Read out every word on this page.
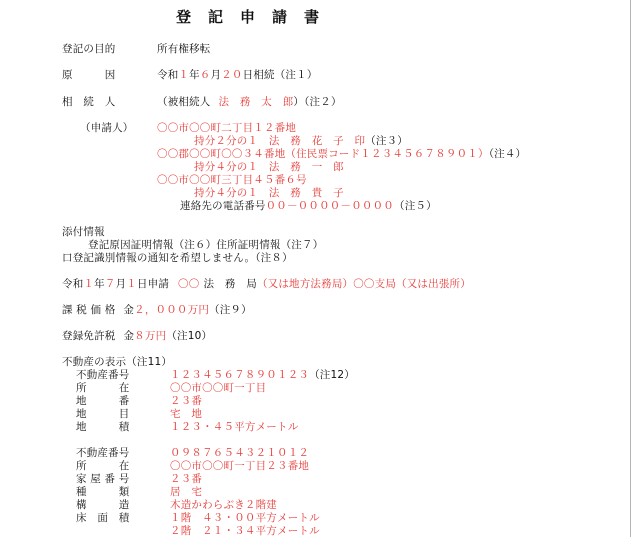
登　記　申　請　書
登記の目的	所有権移転
原　　　因	令和１年６月２０日相続（注１）
相　続　人	（被相続人 法　務　太　郎）（注２）
（申請人） 〇〇市〇〇町二丁目１２番地
持分２分の１　法　務　花　子　印（注３）
〇〇郡〇〇町〇〇３４番地（住民票コード１２３４５６７８９０１）（注４）
持分４分の１　法　務　一　郎
〇〇市〇〇町三丁目４５番６号
持分４分の１　法　務　貴　子
連絡先の電話番号００－００００－００００（注５）
添付情報
登記原因証明情報（注６）住所証明情報（注７）
口登記識別情報の通知を希望しません。（注８）
令和１年７月１日申請 〇〇 法　務　局（又は地方法務局）〇〇支局（又は出張所）
課 税 価 格 金２，０００万円（注９）
登録免許税 金８万円（注10）
不動産の表示（注11）
不動産番号	１２３４５６７８９０１２３（注12）
所　　　在	〇〇市〇〇町一丁目
地　　　番	２３番
地　　　目	宅　地
地　　　積	１２３・４５平方メートル
不動産番号	０９８７６５４３２１０１２
所　　　在	〇〇市〇〇町一丁目２３番地
家 屋 番 号	２３番
種　　　類	居　宅
構　　　造	木造かわらぶき２階建
床　面　積	１階　４３・００平方メートル
２階　２１・３４平方メートル
